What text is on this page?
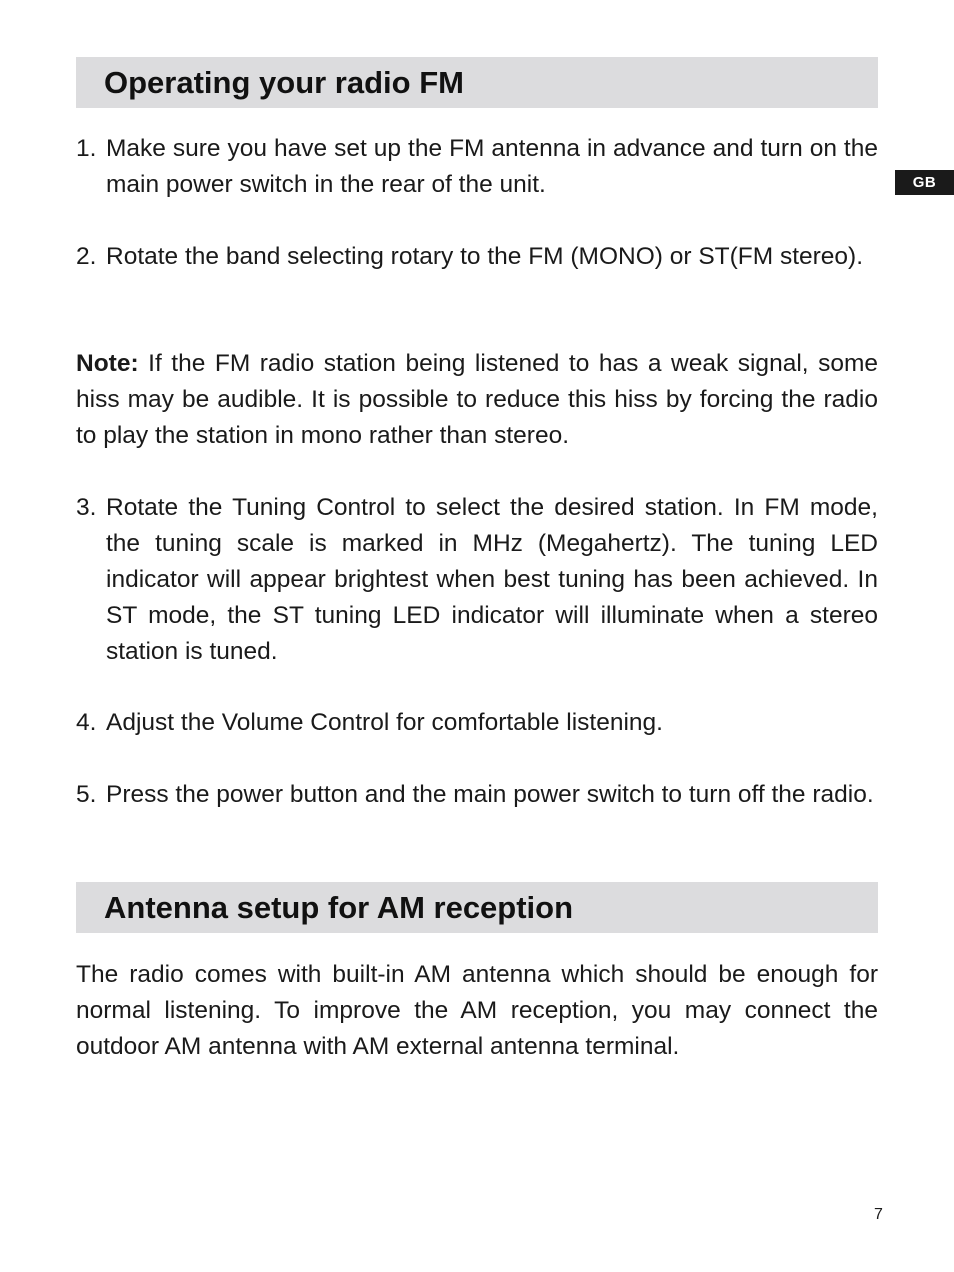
GB
Operating your radio FM
1. Make sure you have set up the FM antenna in advance and turn on the main power switch in the rear of the unit.
2. Rotate the band selecting rotary to the FM (MONO) or ST(FM stereo).
Note: If the FM radio station being listened to has a weak signal, some hiss may be audible. It is possible to reduce this hiss by forcing the radio to play the station in mono rather than stereo.
3. Rotate the Tuning Control to select the desired station. In FM mode, the tuning scale is marked in MHz (Megahertz). The tuning LED indicator will appear brightest when best tuning has been achieved. In ST mode, the ST tuning LED indicator will illuminate when a stereo station is tuned.
4. Adjust the Volume Control for comfortable listening.
5. Press the power button and the main power switch to turn off the radio.
Antenna setup for AM reception
The radio comes with built-in AM antenna which should be enough for normal listening. To improve the AM reception, you may connect the outdoor AM antenna with AM external antenna terminal.
7
